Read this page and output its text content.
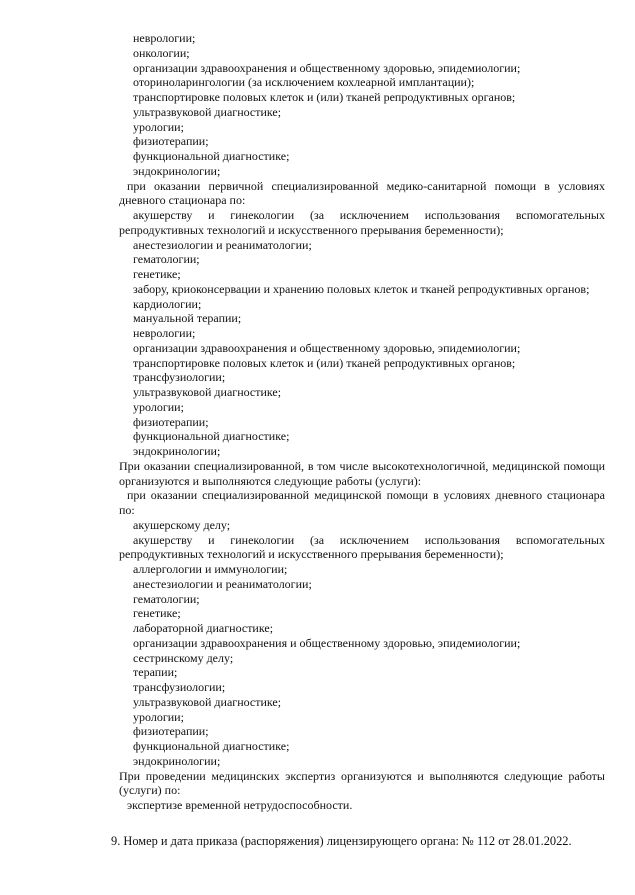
неврологии;
онкологии;
организации здравоохранения и общественному здоровью, эпидемиологии;
оториноларингологии (за исключением кохлеарной имплантации);
транспортировке половых клеток и (или) тканей репродуктивных органов;
ультразвуковой диагностике;
урологии;
физиотерапии;
функциональной диагностике;
эндокринологии;
при оказании первичной специализированной медико-санитарной помощи в условиях дневного стационара по:
акушерству и гинекологии (за исключением использования вспомогательных репродуктивных технологий и искусственного прерывания беременности);
анестезиологии и реаниматологии;
гематологии;
генетике;
забору, криоконсервации и хранению половых клеток и тканей репродуктивных органов;
кардиологии;
мануальной терапии;
неврологии;
организации здравоохранения и общественному здоровью, эпидемиологии;
транспортировке половых клеток и (или) тканей репродуктивных органов;
трансфузиологии;
ультразвуковой диагностике;
урологии;
физиотерапии;
функциональной диагностике;
эндокринологии;
При оказании специализированной, в том числе высокотехнологичной, медицинской помощи организуются и выполняются следующие работы (услуги):
при оказании специализированной медицинской помощи в условиях дневного стационара по:
акушерскому делу;
акушерству и гинекологии (за исключением использования вспомогательных репродуктивных технологий и искусственного прерывания беременности);
аллергологии и иммунологии;
анестезиологии и реаниматологии;
гематологии;
генетике;
лабораторной диагностике;
организации здравоохранения и общественному здоровью, эпидемиологии;
сестринскому делу;
терапии;
трансфузиологии;
ультразвуковой диагностике;
урологии;
физиотерапии;
функциональной диагностике;
эндокринологии;
При проведении медицинских экспертиз организуются и выполняются следующие работы (услуги) по:
экспертизе временной нетрудоспособности.
9. Номер и дата приказа (распоряжения) лицензирующего органа: № 112 от 28.01.2022.
